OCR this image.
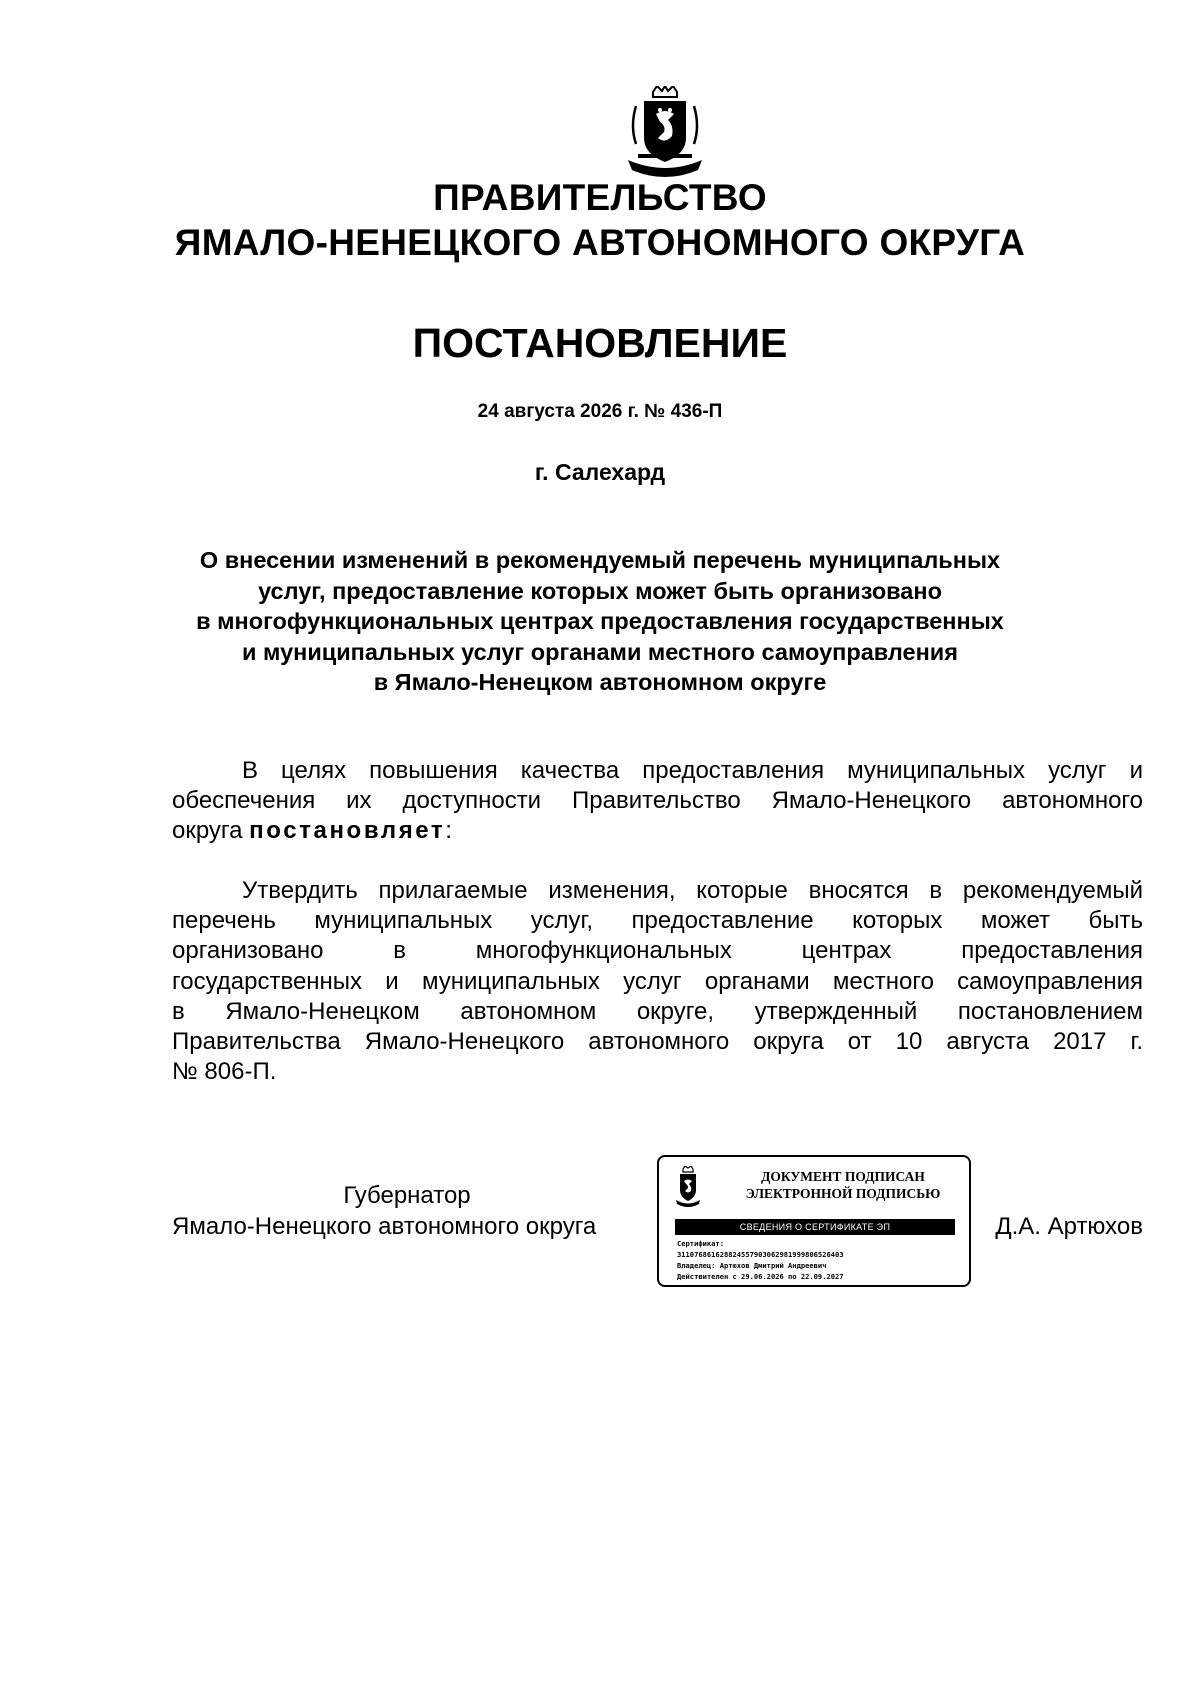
ПРАВИТЕЛЬСТВО
ЯМАЛО-НЕНЕЦКОГО АВТОНОМНОГО ОКРУГА
ПОСТАНОВЛЕНИЕ
24 августа 2026 г. № 436-П
г. Салехард
О внесении изменений в рекомендуемый перечень муниципальных
услуг, предоставление которых может быть организовано
в многофункциональных центрах предоставления государственных
и муниципальных услуг органами местного самоуправления
в Ямало-Ненецком автономном округе
В целях повышения качества предоставления муниципальных услуг и
обеспечения их доступности Правительство Ямало-Ненецкого автономного
округа постановляет:
Утвердить прилагаемые изменения, которые вносятся в рекомендуемый
перечень муниципальных услуг, предоставление которых может быть
организовано в многофункциональных центрах предоставления
государственных и муниципальных услуг органами местного самоуправления
в Ямало-Ненецком автономном округе, утвержденный постановлением
Правительства Ямало-Ненецкого автономного округа от 10 августа 2017 г.
№ 806-П.
Губернатор
Ямало-Ненецкого автономного округа	Д.А. Артюхов
ДОКУМЕНТ ПОДПИСАН
ЭЛЕКТРОННОЙ ПОДПИСЬЮ
СВЕДЕНИЯ О СЕРТИФИКАТЕ ЭП
Сертификат:
311076861628824557903062981999806526403
Владелец: Артюхов Дмитрий Андреевич
Действителен с 29.06.2026 по 22.09.2027
